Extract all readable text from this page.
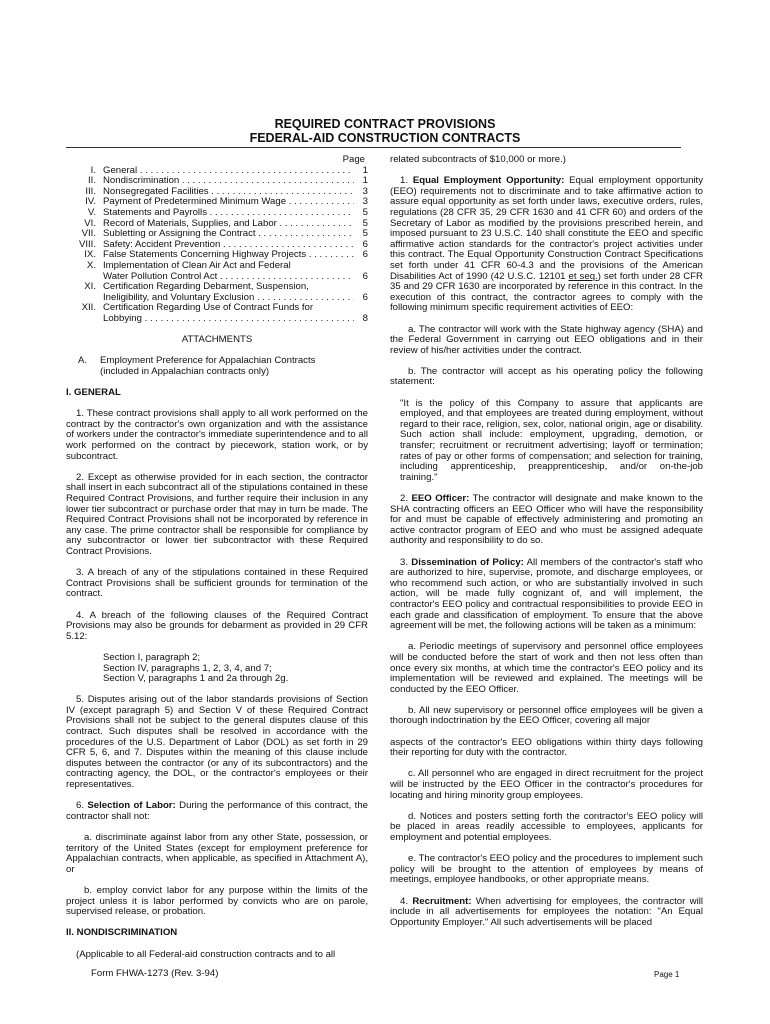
REQUIRED CONTRACT PROVISIONS
FEDERAL-AID CONSTRUCTION CONTRACTS
Page
I. General . . .	1
II. Nondiscrimination . . .	1
III. Nonsegregated Facilities . . .	3
IV. Payment of Predetermined Minimum Wage . . .	3
V. Statements and Payrolls . . .	5
VI. Record of Materials, Supplies, and Labor . . .	5
VII. Subletting or Assigning the Contract . . .	5
VIII. Safety: Accident Prevention . . .	6
IX. False Statements Concerning Highway Projects . . .	6
X. Implementation of Clean Air Act and Federal
Water Pollution Control Act . . .	6
XI. Certification Regarding Debarment, Suspension,
Ineligibility, and Voluntary Exclusion . . .	6
XII. Certification Regarding Use of Contract Funds for
Lobbying . . .	8
ATTACHMENTS
A.	Employment Preference for Appalachian Contracts
(included in Appalachian contracts only)
I. GENERAL

1. These contract provisions shall apply to all work performed on the contract by the contractor's own organization and with the assistance of workers under the contractor's immediate superintendence and to all work performed on the contract by piecework, station work, or by subcontract.

2. Except as otherwise provided for in each section, the contractor shall insert in each subcontract all of the stipulations contained in these Required Contract Provisions, and further require their inclusion in any lower tier subcontract or purchase order that may in turn be made. The Required Contract Provisions shall not be incorporated by reference in any case. The prime contractor shall be responsible for compliance by any subcontractor or lower tier subcontractor with these Required Contract Provisions.

3. A breach of any of the stipulations contained in these Required Contract Provisions shall be sufficient grounds for termination of the contract.

4. A breach of the following clauses of the Required Contract Provisions may also be grounds for debarment as provided in 29 CFR 5.12:

Section I, paragraph 2;
Section IV, paragraphs 1, 2, 3, 4, and 7;
Section V, paragraphs 1 and 2a through 2g.

5. Disputes arising out of the labor standards provisions of Section IV (except paragraph 5) and Section V of these Required Contract Provisions shall not be subject to the general disputes clause of this contract. Such disputes shall be resolved in accordance with the procedures of the U.S. Department of Labor (DOL) as set forth in 29 CFR 5, 6, and 7. Disputes within the meaning of this clause include disputes between the contractor (or any of its subcontractors) and the contracting agency, the DOL, or the contractor's employees or their representatives.

6. Selection of Labor: During the performance of this contract, the contractor shall not:

a. discriminate against labor from any other State, possession, or territory of the United States (except for employment preference for Appalachian contracts, when applicable, as specified in Attachment A), or

b. employ convict labor for any purpose within the limits of the project unless it is labor performed by convicts who are on parole, supervised release, or probation.

II. NONDISCRIMINATION

(Applicable to all Federal-aid construction contracts and to all

related subcontracts of $10,000 or more.)

1. Equal Employment Opportunity: Equal employment opportunity (EEO) requirements not to discriminate and to take affirmative action to assure equal opportunity as set forth under laws, executive orders, rules, regulations (28 CFR 35, 29 CFR 1630 and 41 CFR 60) and orders of the Secretary of Labor as modified by the provisions prescribed herein, and imposed pursuant to 23 U.S.C. 140 shall constitute the EEO and specific affirmative action standards for the contractor's project activities under this contract. The Equal Opportunity Construction Contract Specifications set forth under 41 CFR 60-4.3 and the provisions of the American Disabilities Act of 1990 (42 U.S.C. 12101 et seq.) set forth under 28 CFR 35 and 29 CFR 1630 are incorporated by reference in this contract. In the execution of this contract, the contractor agrees to comply with the following minimum specific requirement activities of EEO:

a. The contractor will work with the State highway agency (SHA) and the Federal Government in carrying out EEO obligations and in their review of his/her activities under the contract.

b. The contractor will accept as his operating policy the following statement:

"It is the policy of this Company to assure that applicants are employed, and that employees are treated during employment, without regard to their race, religion, sex, color, national origin, age or disability. Such action shall include: employment, upgrading, demotion, or transfer; recruitment or recruitment advertising; layoff or termination; rates of pay or other forms of compensation; and selection for training, including apprenticeship, preapprenticeship, and/or on-the-job training."

2. EEO Officer: The contractor will designate and make known to the SHA contracting officers an EEO Officer who will have the responsibility for and must be capable of effectively administering and promoting an active contractor program of EEO and who must be assigned adequate authority and responsibility to do so.

3. Dissemination of Policy: All members of the contractor's staff who are authorized to hire, supervise, promote, and discharge employees, or who recommend such action, or who are substantially involved in such action, will be made fully cognizant of, and will implement, the contractor's EEO policy and contractual responsibilities to provide EEO in each grade and classification of employment. To ensure that the above agreement will be met, the following actions will be taken as a minimum:

a. Periodic meetings of supervisory and personnel office employees will be conducted before the start of work and then not less often than once every six months, at which time the contractor's EEO policy and its implementation will be reviewed and explained. The meetings will be conducted by the EEO Officer.

b. All new supervisory or personnel office employees will be given a thorough indoctrination by the EEO Officer, covering all major

aspects of the contractor's EEO obligations within thirty days following their reporting for duty with the contractor.

c. All personnel who are engaged in direct recruitment for the project will be instructed by the EEO Officer in the contractor's procedures for locating and hiring minority group employees.

d. Notices and posters setting forth the contractor's EEO policy will be placed in areas readily accessible to employees, applicants for employment and potential employees.

e. The contractor's EEO policy and the procedures to implement such policy will be brought to the attention of employees by means of meetings, employee handbooks, or other appropriate means.

4. Recruitment: When advertising for employees, the contractor will include in all advertisements for employees the notation: "An Equal Opportunity Employer." All such advertisements will be placed

Form FHWA-1273 (Rev. 3-94)	Page 1
